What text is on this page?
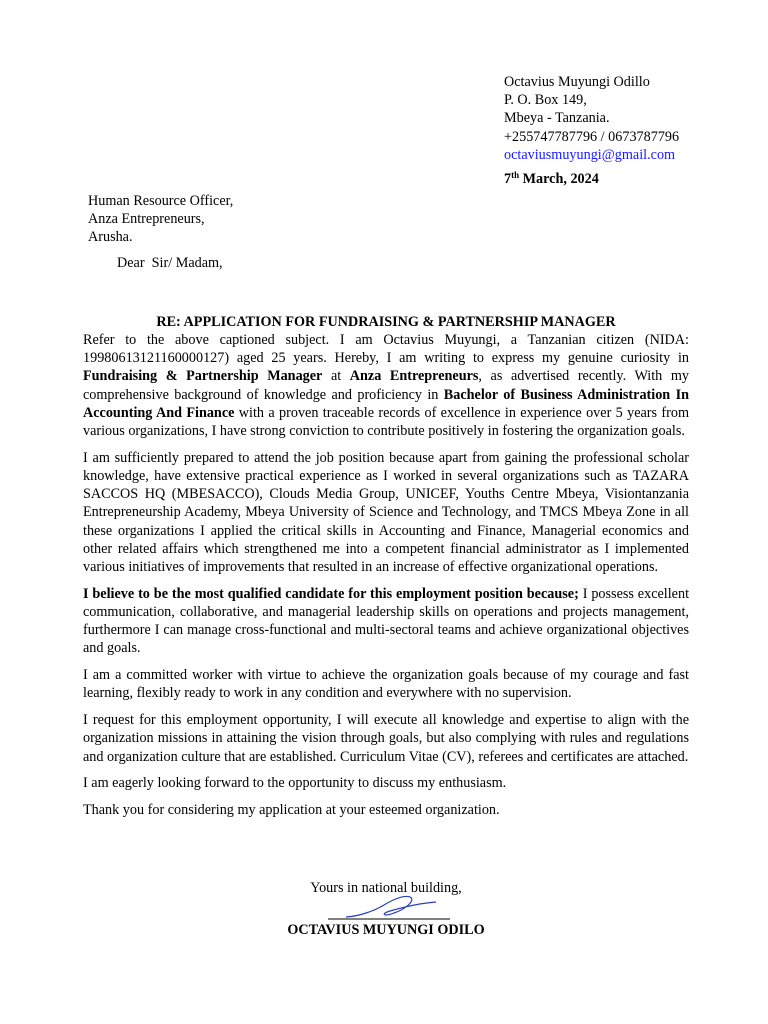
Octavius Muyungi Odillo
P. O. Box 149,
Mbeya - Tanzania.
+255747787796 / 0673787796
octaviusmuyungi@gmail.com
7th March, 2024
Human Resource Officer,
Anza Entrepreneurs,
Arusha.
Dear  Sir/ Madam,
RE: APPLICATION FOR FUNDRAISING & PARTNERSHIP MANAGER

Refer to the above captioned subject. I am Octavius Muyungi, a Tanzanian citizen (NIDA: 19980613121160000127) aged 25 years. Hereby, I am writing to express my genuine curiosity in Fundraising & Partnership Manager at Anza Entrepreneurs, as advertised recently. With my comprehensive background of knowledge and proficiency in Bachelor of Business Administration In Accounting And Finance with a proven traceable records of excellence in experience over 5 years from various organizations, I have strong conviction to contribute positively in fostering the organization goals.

I am sufficiently prepared to attend the job position because apart from gaining the professional scholar knowledge, have extensive practical experience as I worked in several organizations such as TAZARA SACCOS HQ (MBESACCO), Clouds Media Group, UNICEF, Youths Centre Mbeya, Visiontanzania Entrepreneurship Academy, Mbeya University of Science and Technology, and TMCS Mbeya Zone in all these organizations I applied the critical skills in Accounting and Finance, Managerial economics and other related affairs which strengthened me into a competent financial administrator as I implemented various initiatives of improvements that resulted in an increase of effective organizational operations.

I believe to be the most qualified candidate for this employment position because; I possess excellent communication, collaborative, and managerial leadership skills on operations and projects management, furthermore I can manage cross-functional and multi-sectoral teams and achieve organizational objectives and goals.

I am a committed worker with virtue to achieve the organization goals because of my courage and fast learning, flexibly ready to work in any condition and everywhere with no supervision.

I request for this employment opportunity, I will execute all knowledge and expertise to align with the organization missions in attaining the vision through goals, but also complying with rules and regulations and organization culture that are established. Curriculum Vitae (CV), referees and certificates are attached.

I am eagerly looking forward to the opportunity to discuss my enthusiasm.

Thank you for considering my application at your esteemed organization.

Yours in national building,
OCTAVIUS MUYUNGI ODILO
